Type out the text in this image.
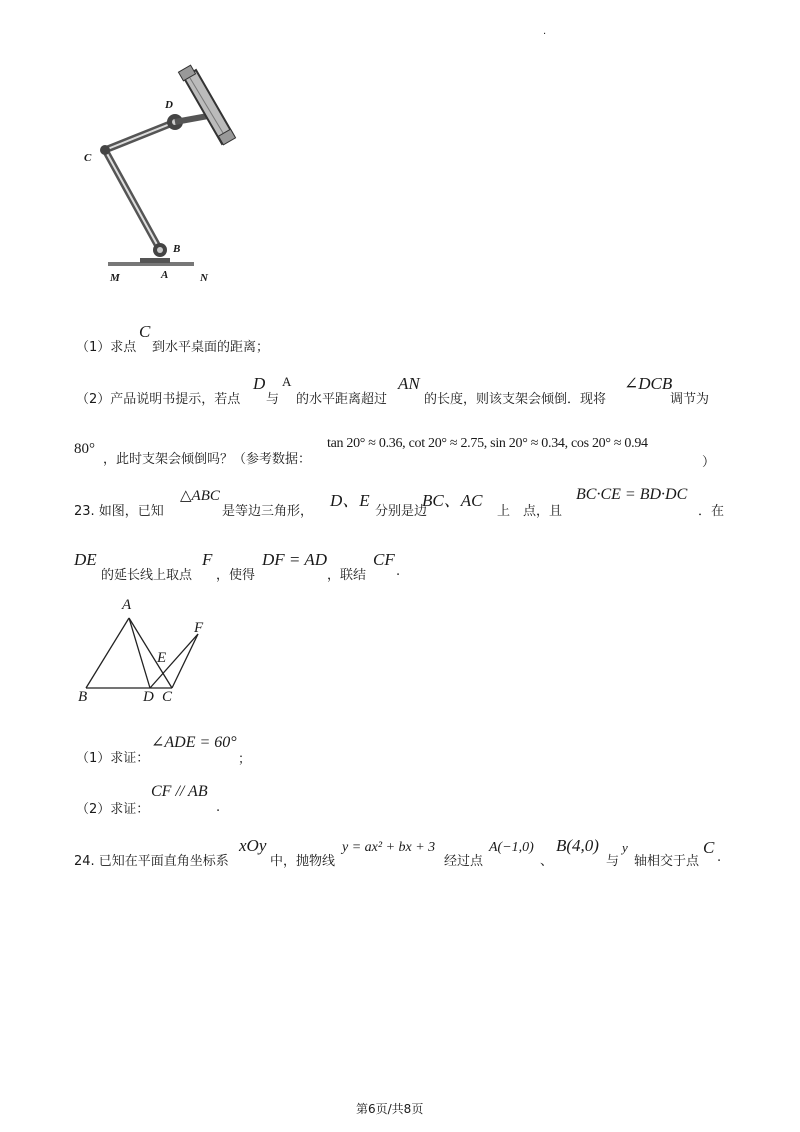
.
D
C
B
A
M	N
（1）求点
C
到水平桌面的距离；
（2）产品说明书提示，若点
D
与
A
的水平距离超过
AN
的长度，则该支架会倾倒．现将
∠DCB
调节为
80°
，此时支架会倾倒吗？（参考数据：
tan 20° ≈ 0.36, cot 20° ≈ 2.75, sin 20° ≈ 0.34, cos 20° ≈ 0.94
）
23. 如图，已知
△ABC
是等边三角形，
D、E
分别是边
BC、AC
上　点，且
BC·CE = BD·DC
．在
DE
的延长线上取点
F
，使得
DF = AD
，联结
CF
.
A
B	D C
E
F
（1）求证：
∠ADE = 60°
；
（2）求证：
CF // AB
.
24. 已知在平面直角坐标系
xOy
中，抛物线
y = ax² + bx + 3
经过点
A(−1,0)
、
B(4,0)
与
y
轴相交于点
C
.
第6页/共8页
